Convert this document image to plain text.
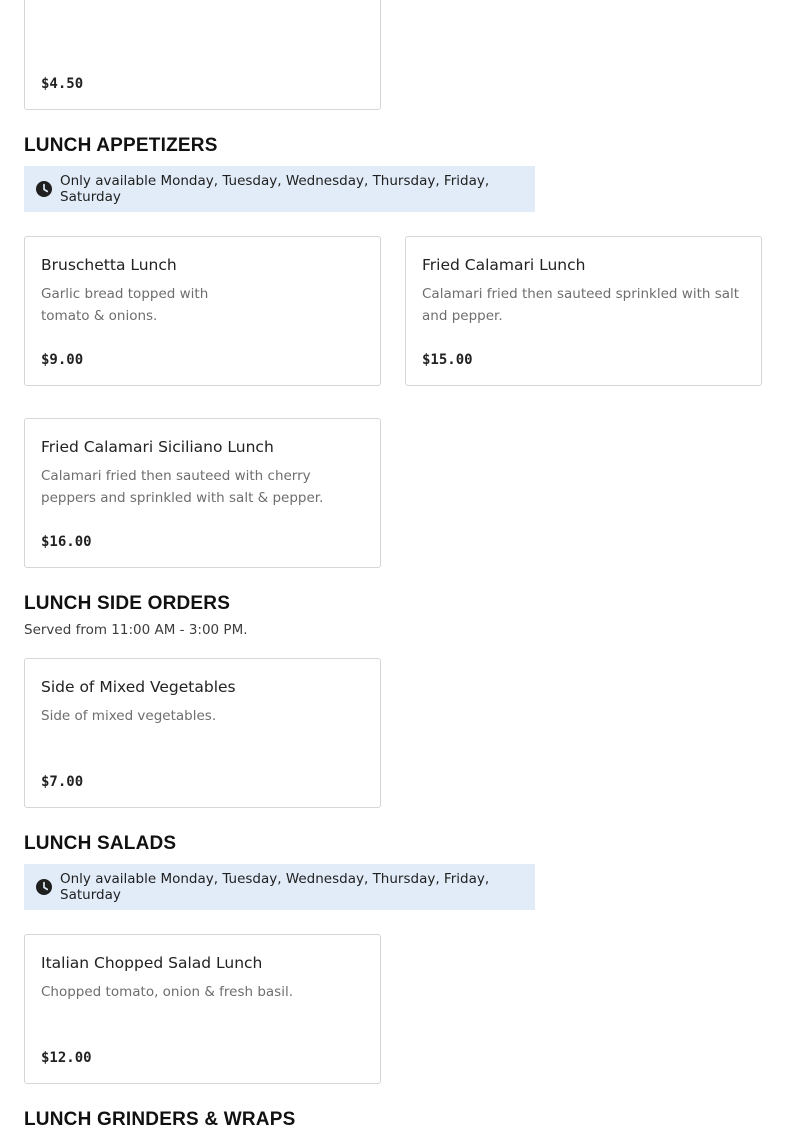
$4.50
LUNCH APPETIZERS
Only available Monday, Tuesday, Wednesday, Thursday, Friday, Saturday
Bruschetta Lunch
Garlic bread topped with tomato & onions.
$9.00
Fried Calamari Lunch
Calamari fried then sauteed sprinkled with salt and pepper.
$15.00
Fried Calamari Siciliano Lunch
Calamari fried then sauteed with cherry peppers and sprinkled with salt & pepper.
$16.00
LUNCH SIDE ORDERS
Served from 11:00 AM - 3:00 PM.
Side of Mixed Vegetables
Side of mixed vegetables.
$7.00
LUNCH SALADS
Only available Monday, Tuesday, Wednesday, Thursday, Friday, Saturday
Italian Chopped Salad Lunch
Chopped tomato, onion & fresh basil.
$12.00
LUNCH GRINDERS & WRAPS
